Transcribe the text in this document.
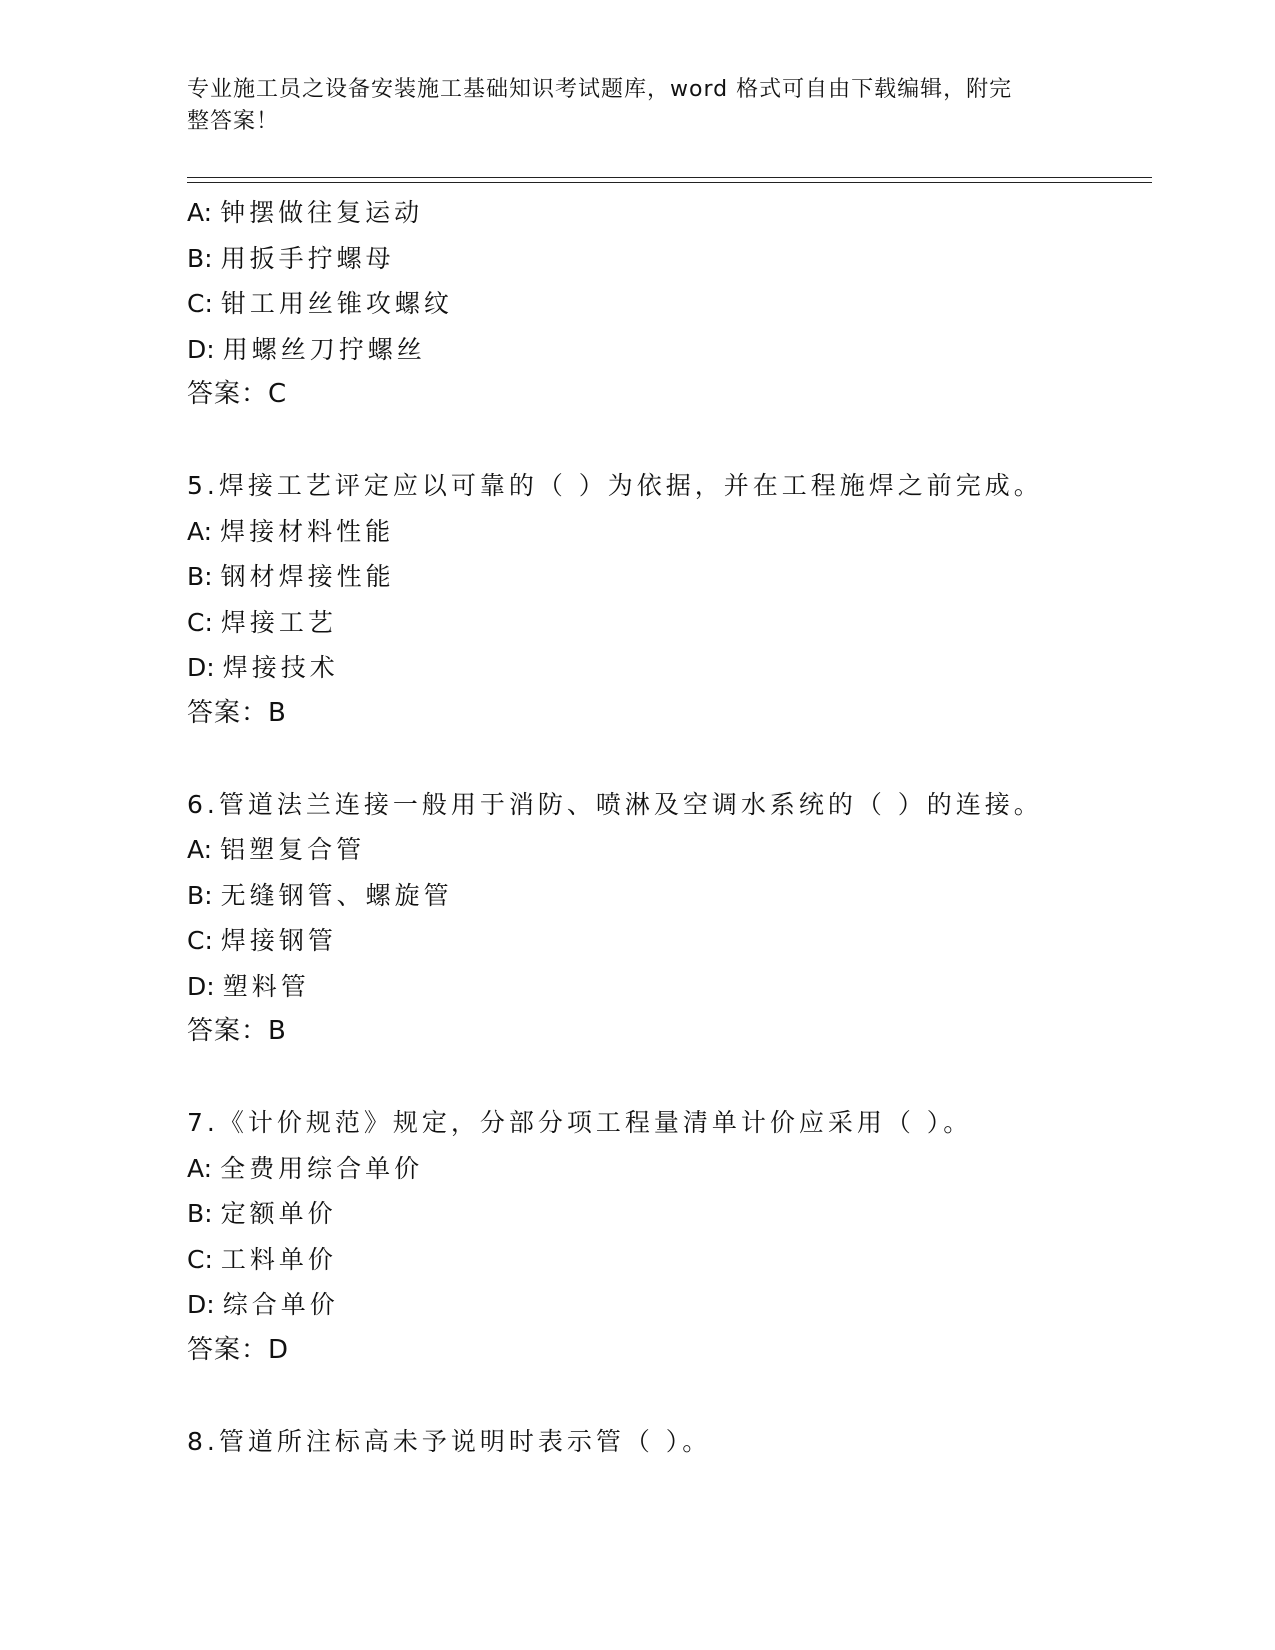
专业施工员之设备安装施工基础知识考试题库，word 格式可自由下载编辑，附完
整答案！
A: 钟摆做往复运动
B: 用扳手拧螺母
C: 钳工用丝锥攻螺纹
D: 用螺丝刀拧螺丝
答案：C
5.焊接工艺评定应以可靠的（ ）为依据，并在工程施焊之前完成。
A: 焊接材料性能
B: 钢材焊接性能
C: 焊接工艺
D: 焊接技术
答案：B
6.管道法兰连接一般用于消防、喷淋及空调水系统的（ ）的连接。
A: 铝塑复合管
B: 无缝钢管、螺旋管
C: 焊接钢管
D: 塑料管
答案：B
7.《计价规范》规定，分部分项工程量清单计价应采用（ ）。
A: 全费用综合单价
B: 定额单价
C: 工料单价
D: 综合单价
答案：D
8.管道所注标高未予说明时表示管（ ）。
